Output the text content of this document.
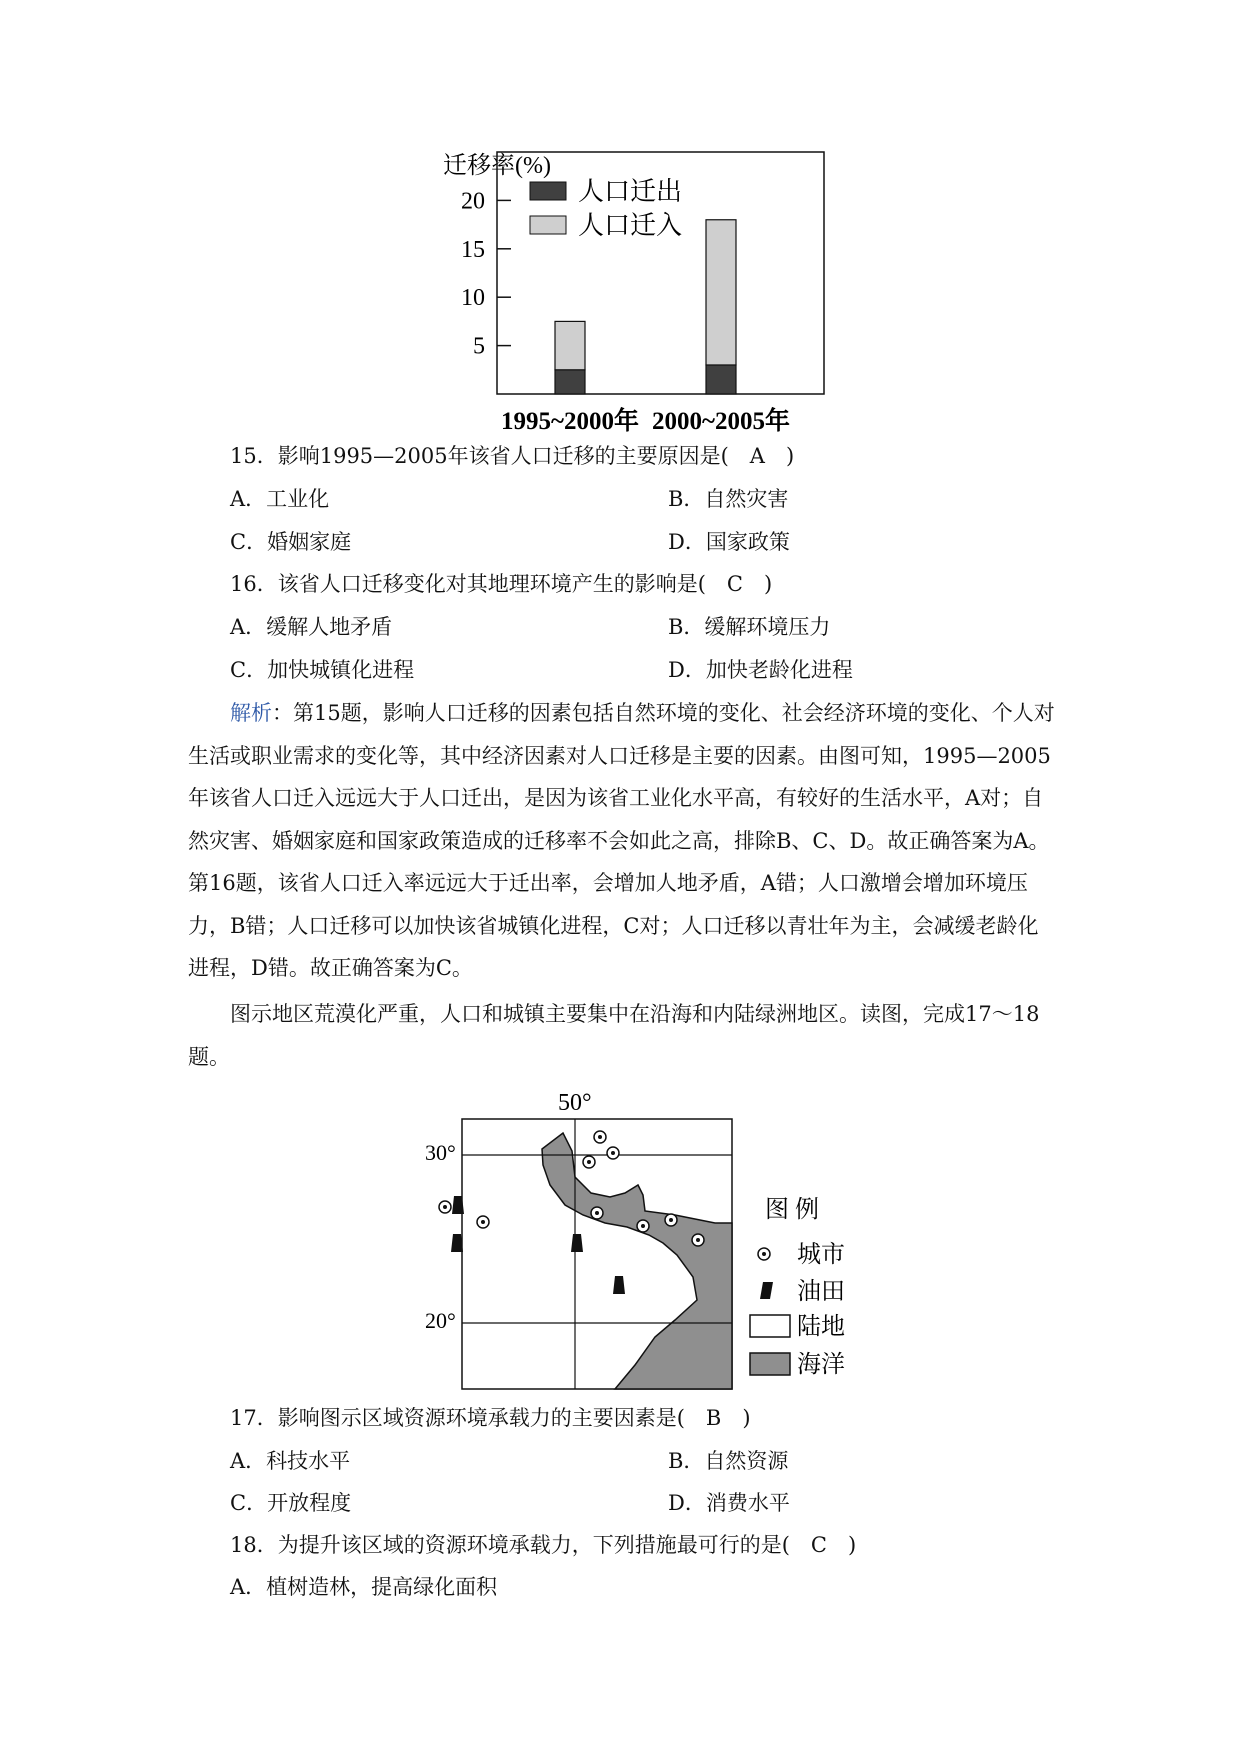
迁移率(%)
5
10
15
20
1995~2000年 2000~2005年
人口迁出
人口迁入
15．影响1995—2005年该省人口迁移的主要原因是(　A　)
A．工业化	B．自然灾害
C．婚姻家庭	D．国家政策
16．该省人口迁移变化对其地理环境产生的影响是(　C　)
A．缓解人地矛盾	B．缓解环境压力
C．加快城镇化进程	D．加快老龄化进程
解析：第15题，影响人口迁移的因素包括自然环境的变化、社会经济环境的变化、个人对生活或职业需求的变化等，其中经济因素对人口迁移是主要的因素。由图可知，1995—2005年该省人口迁入远远大于人口迁出，是因为该省工业化水平高，有较好的生活水平，A对；自然灾害、婚姻家庭和国家政策造成的迁移率不会如此之高，排除B、C、D。故正确答案为A。第16题，该省人口迁入率远远大于迁出率，会增加人地矛盾，A错；人口激增会增加环境压力，B错；人口迁移可以加快该省城镇化进程，C对；人口迁移以青壮年为主，会减缓老龄化进程，D错。故正确答案为C。
图示地区荒漠化严重，人口和城镇主要集中在沿海和内陆绿洲地区。读图，完成17～18题。
50°
30°
20°
图 例
城市
油田
陆地
海洋
17．影响图示区域资源环境承载力的主要因素是(　B　)
A．科技水平	B．自然资源
C．开放程度	D．消费水平
18．为提升该区域的资源环境承载力，下列措施最可行的是(　C　)
A．植树造林，提高绿化面积
